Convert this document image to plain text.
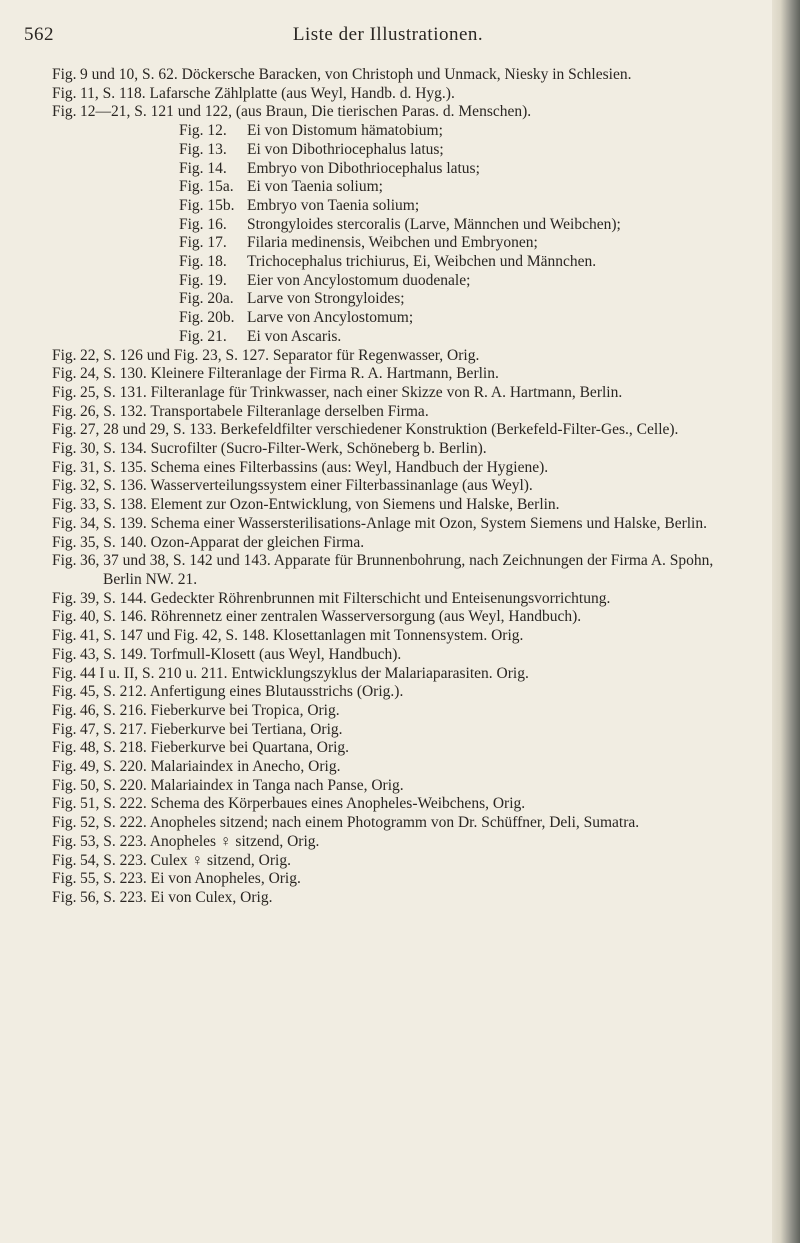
562	Liste der Illustrationen.
Fig. 9 und 10, S. 62. Döckersche Baracken, von Christoph und Unmack, Niesky in Schlesien.
Fig. 11, S. 118. Lafarsche Zählplatte (aus Weyl, Handb. d. Hyg.).
Fig. 12—21, S. 121 und 122, (aus Braun, Die tierischen Paras. d. Menschen).
Fig. 12. Ei von Distomum hämatobium;
Fig. 13. Ei von Dibothriocephalus latus;
Fig. 14. Embryo von Dibothriocephalus latus;
Fig. 15a. Ei von Taenia solium;
Fig. 15b. Embryo von Taenia solium;
Fig. 16. Strongyloides stercoralis (Larve, Männchen und Weibchen);
Fig. 17. Filaria medinensis, Weibchen und Embryonen;
Fig. 18. Trichocephalus trichiurus, Ei, Weibchen und Männchen.
Fig. 19. Eier von Ancylostomum duodenale;
Fig. 20a. Larve von Strongyloides;
Fig. 20b. Larve von Ancylostomum;
Fig. 21. Ei von Ascaris.
Fig. 22, S. 126 und Fig. 23, S. 127. Separator für Regenwasser, Orig.
Fig. 24, S. 130. Kleinere Filteranlage der Firma R. A. Hartmann, Berlin.
Fig. 25, S. 131. Filteranlage für Trinkwasser, nach einer Skizze von R. A. Hartmann, Berlin.
Fig. 26, S. 132. Transportabele Filteranlage derselben Firma.
Fig. 27, 28 und 29, S. 133. Berkefeldfilter verschiedener Konstruktion (Berkefeld-Filter-Ges., Celle).
Fig. 30, S. 134. Sucrofilter (Sucro-Filter-Werk, Schöneberg b. Berlin).
Fig. 31, S. 135. Schema eines Filterbassins (aus: Weyl, Handbuch der Hygiene).
Fig. 32, S. 136. Wasserverteilungssystem einer Filterbassinanlage (aus Weyl).
Fig. 33, S. 138. Element zur Ozon-Entwicklung, von Siemens und Halske, Berlin.
Fig. 34, S. 139. Schema einer Wassersterilisations-Anlage mit Ozon, System Siemens und Halske, Berlin.
Fig. 35, S. 140. Ozon-Apparat der gleichen Firma.
Fig. 36, 37 und 38, S. 142 und 143. Apparate für Brunnenbohrung, nach Zeichnungen der Firma A. Spohn, Berlin NW. 21.
Fig. 39, S. 144. Gedeckter Röhrenbrunnen mit Filterschicht und Enteisenungsvorrichtung.
Fig. 40, S. 146. Röhrennetz einer zentralen Wasserversorgung (aus Weyl, Handbuch).
Fig. 41, S. 147 und Fig. 42, S. 148. Klosettanlagen mit Tonnensystem. Orig.
Fig. 43, S. 149. Torfmull-Klosett (aus Weyl, Handbuch).
Fig. 44 I u. II, S. 210 u. 211. Entwicklungszyklus der Malariaparasiten. Orig.
Fig. 45, S. 212. Anfertigung eines Blutausstrichs (Orig.).
Fig. 46, S. 216. Fieberkurve bei Tropica, Orig.
Fig. 47, S. 217. Fieberkurve bei Tertiana, Orig.
Fig. 48, S. 218. Fieberkurve bei Quartana, Orig.
Fig. 49, S. 220. Malariaindex in Anecho, Orig.
Fig. 50, S. 220. Malariaindex in Tanga nach Panse, Orig.
Fig. 51, S. 222. Schema des Körperbaues eines Anopheles-Weibchens, Orig.
Fig. 52, S. 222. Anopheles sitzend; nach einem Photogramm von Dr. Schüffner, Deli, Sumatra.
Fig. 53, S. 223. Anopheles ♀ sitzend, Orig.
Fig. 54, S. 223. Culex ♀ sitzend, Orig.
Fig. 55, S. 223. Ei von Anopheles, Orig.
Fig. 56, S. 223. Ei von Culex, Orig.
